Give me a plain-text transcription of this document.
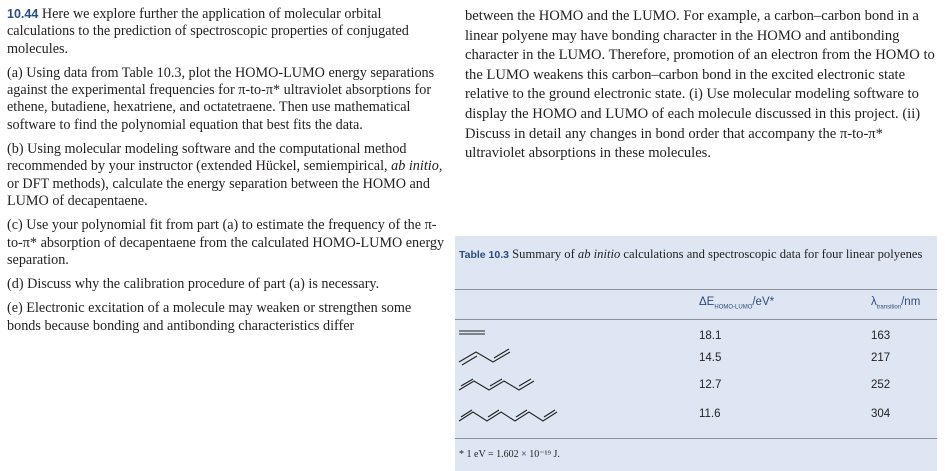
10.44 Here we explore further the application of molecular orbital calculations to the prediction of spectroscopic properties of conjugated molecules.

(a) Using data from Table 10.3, plot the HOMO-LUMO energy separations against the experimental frequencies for π-to-π* ultraviolet absorptions for ethene, butadiene, hexatriene, and octatetraene. Then use mathematical software to find the polynomial equation that best fits the data.

(b) Using molecular modeling software and the computational method recommended by your instructor (extended Hückel, semiempirical, ab initio, or DFT methods), calculate the energy separation between the HOMO and LUMO of decapentaene.

(c) Use your polynomial fit from part (a) to estimate the frequency of the π-to-π* absorption of decapentaene from the calculated HOMO-LUMO energy separation.

(d) Discuss why the calibration procedure of part (a) is necessary.

(e) Electronic excitation of a molecule may weaken or strengthen some bonds because bonding and antibonding characteristics differ

between the HOMO and the LUMO. For example, a carbon–carbon bond in a linear polyene may have bonding character in the HOMO and antibonding character in the LUMO. Therefore, promotion of an electron from the HOMO to the LUMO weakens this carbon–carbon bond in the excited electronic state relative to the ground electronic state. (i) Use molecular modeling software to display the HOMO and LUMO of each molecule discussed in this project. (ii) Discuss in detail any changes in bond order that accompany the π-to-π* ultraviolet absorptions in these molecules.

Table 10.3 Summary of ab initio calculations and spectroscopic data for four linear polyenes
$\Delta E_{HOMO-LUMO}/eV*$	$\lambda_{transition}/nm$
18.1	163
14.5	217
12.7	252
11.6	304
* 1 eV = 1.602 × 10⁻¹⁹ J.
